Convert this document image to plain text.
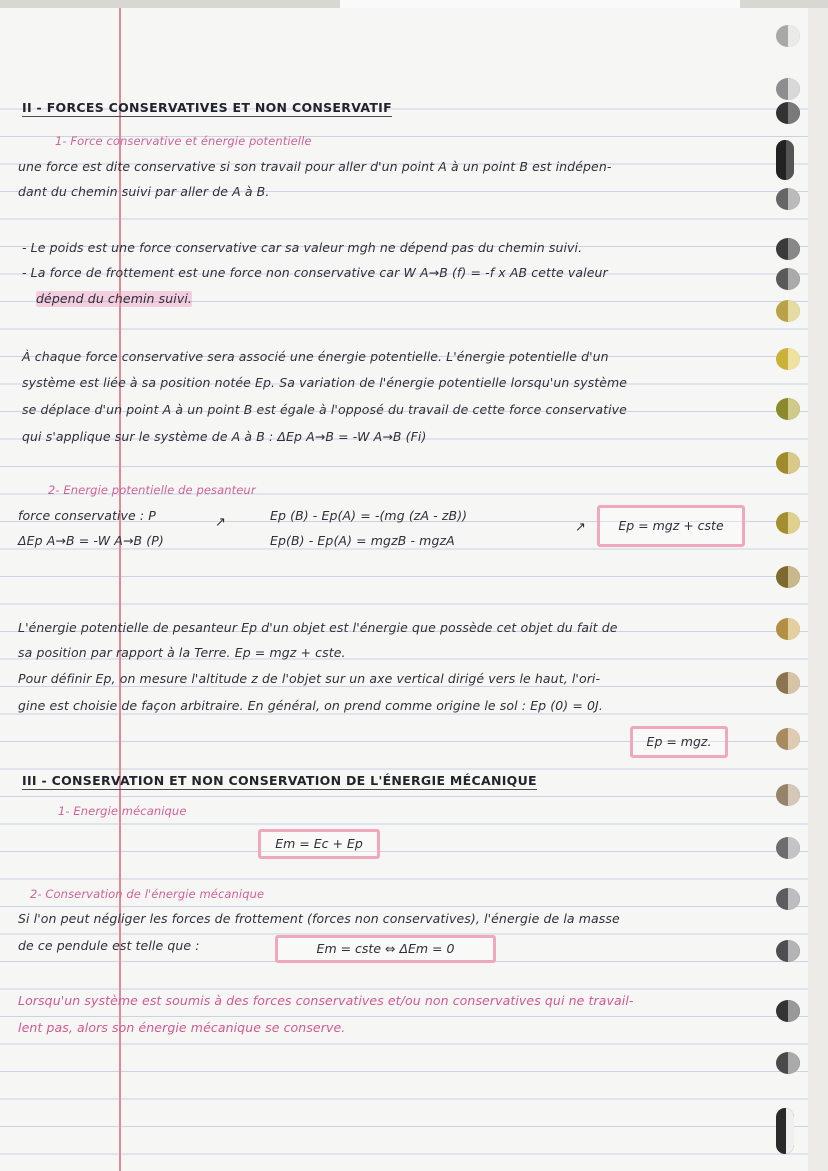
II - FORCES CONSERVATIVES ET NON CONSERVATIF
1- Force conservative et énergie potentielle
une force est dite conservative si son travail pour aller d'un point A à un point B est indépen-
dant du chemin suivi par aller de A à B.
- Le poids est une force conservative car sa valeur mgh ne dépend pas du chemin suivi.
- La force de frottement est une force non conservative car W A→B (f) = -f x AB cette valeur
dépend du chemin suivi.
À chaque force conservative sera associé une énergie potentielle. L'énergie potentielle d'un
système est liée à sa position notée Ep. Sa variation de l'énergie potentielle lorsqu'un système
se déplace d'un point A à un point B est égale à l'opposé du travail de cette force conservative
qui s'applique sur le système de A à B : ΔEp A→B = -W A→B (Fi)
2- Energie potentielle de pesanteur
force conservative : P
ΔEp A→B = -W A→B (P)
↗	Ep (B) - Ep(A) = -(mg (zA - zB))
Ep(B) - Ep(A) = mgzB - mgzA
↗	Ep = mgz + cste
L'énergie potentielle de pesanteur Ep d'un objet est l'énergie que possède cet objet du fait de
sa position par rapport à la Terre. Ep = mgz + cste.
Pour définir Ep, on mesure l'altitude z de l'objet sur un axe vertical dirigé vers le haut, l'ori-
gine est choisie de façon arbitraire. En général, on prend comme origine le sol : Ep (0) = 0J.
Ep = mgz.
III - CONSERVATION ET NON CONSERVATION DE L'ÉNERGIE MÉCANIQUE
1- Energie mécanique
Em = Ec + Ep
2- Conservation de l'énergie mécanique
Si l'on peut négliger les forces de frottement (forces non conservatives), l'énergie de la masse
de ce pendule est telle que :	Em = cste ⇔ ΔEm = 0
Lorsqu'un système est soumis à des forces conservatives et/ou non conservatives qui ne travail-
lent pas, alors son énergie mécanique se conserve.
